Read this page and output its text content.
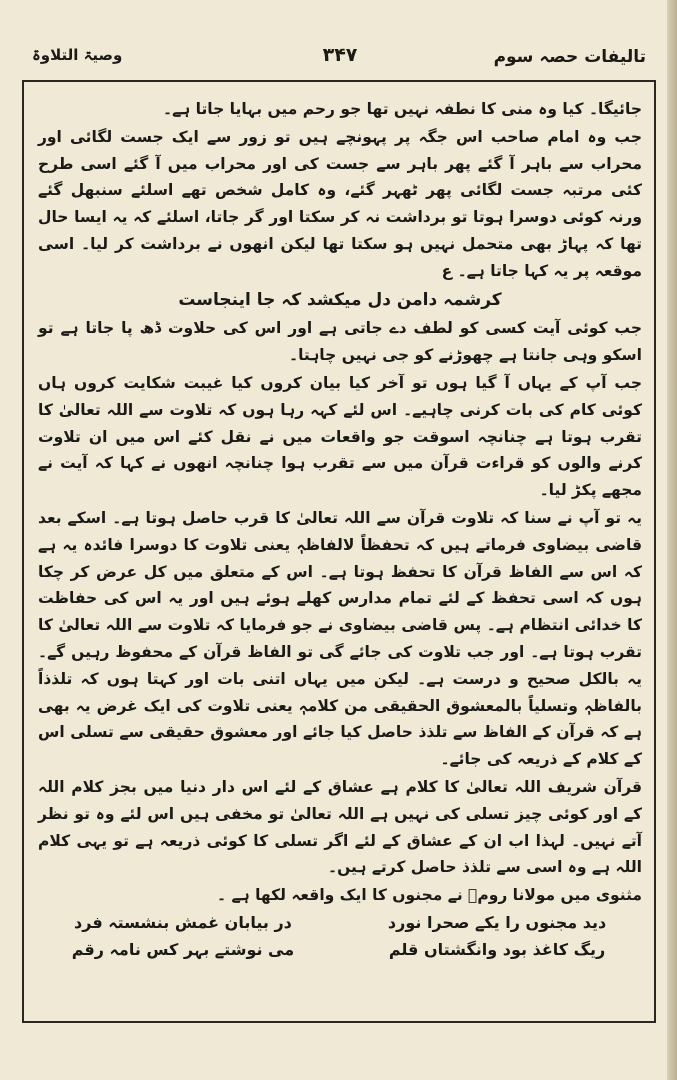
تالیفات حصہ سوم
۳۴۷
وصیۃ التلاوۃ

جائیگا۔ کیا وہ منی کا نطفہ نہیں تھا جو رحم میں بہایا جاتا ہے۔

جب وہ امام صاحب اس جگہ پر پہونچے ہیں تو زور سے ایک جست لگائی اور محراب سے باہر آ گئے پھر باہر سے جست کی اور محراب میں آ گئے اسی طرح کئی مرتبہ جست لگائی پھر ٹھہر گئے، وہ کامل شخص تھے اسلئے سنبھل گئے ورنہ کوئی دوسرا ہوتا تو برداشت نہ کر سکتا اور گر جاتا، اسلئے کہ یہ ایسا حال تھا کہ پہاڑ بھی متحمل نہیں ہو سکتا تھا لیکن انھوں نے برداشت کر لیا۔ اسی موقعہ پر یہ کہا جاتا ہے۔ ع

کرشمہ دامن دل میکشد کہ جا اینجاست

جب کوئی آیت کسی کو لطف دے جاتی ہے اور اس کی حلاوت ڈھ پا جاتا ہے تو اسکو وہی جانتا ہے چھوڑنے کو جی نہیں چاہتا۔

جب آپ کے یہاں آ گیا ہوں تو آخر کیا بیان کروں کیا غیبت شکایت کروں ہاں کوئی کام کی بات کرنی چاہیے۔ اس لئے کہہ رہا ہوں کہ تلاوت سے اللہ تعالیٰ کا تقرب ہوتا ہے چنانچہ اسوقت جو واقعات میں نے نقل کئے اس میں ان تلاوت کرنے والوں کو قراءت قرآن میں سے تقرب ہوا چنانچہ انھوں نے کہا کہ آیت نے مجھے پکڑ لیا۔

یہ تو آپ نے سنا کہ تلاوت قرآن سے اللہ تعالیٰ کا قرب حاصل ہوتا ہے۔ اسکے بعد قاضی بیضاوی فرماتے ہیں کہ تحفظاً لالفاظہٖ یعنی تلاوت کا دوسرا فائدہ یہ ہے کہ اس سے الفاظ قرآن کا تحفظ ہوتا ہے۔ اس کے متعلق میں کل عرض کر چکا ہوں کہ اسی تحفظ کے لئے تمام مدارس کھلے ہوئے ہیں اور یہ اس کی حفاظت کا خدائی انتظام ہے۔ پس قاضی بیضاوی نے جو فرمایا کہ تلاوت سے اللہ تعالیٰ کا تقرب ہوتا ہے۔ اور جب تلاوت کی جائے گی تو الفاظ قرآن کے محفوظ رہیں گے۔ یہ بالکل صحیح و درست ہے۔ لیکن میں یہاں اتنی بات اور کہتا ہوں کہ تلذذاً بالفاظہٖ وتسلیاً بالمعشوق الحقیقی من کلامہٖ یعنی تلاوت کی ایک غرض یہ بھی ہے کہ قرآن کے الفاظ سے تلذذ حاصل کیا جائے اور معشوق حقیقی سے تسلی اس کے کلام کے ذریعہ کی جائے۔

قرآن شریف اللہ تعالیٰ کا کلام ہے عشاق کے لئے اس دار دنیا میں بجز کلام اللہ کے اور کوئی چیز تسلی کی نہیں ہے اللہ تعالیٰ تو مخفی ہیں اس لئے وہ تو نظر آتے نہیں۔ لہذا اب ان کے عشاق کے لئے اگر تسلی کا کوئی ذریعہ ہے تو یہی کلام اللہ ہے وہ اسی سے تلذذ حاصل کرتے ہیں۔

مثنوی میں مولانا رومؒ نے مجنوں کا ایک واقعہ لکھا ہے ۔

دید مجنوں را یکے صحرا نورد
در بیابان غمش بنشستہ فرد
ریگ کاغذ بود وانگشتاں قلم
می نوشتے بہر کس نامہ رقم
